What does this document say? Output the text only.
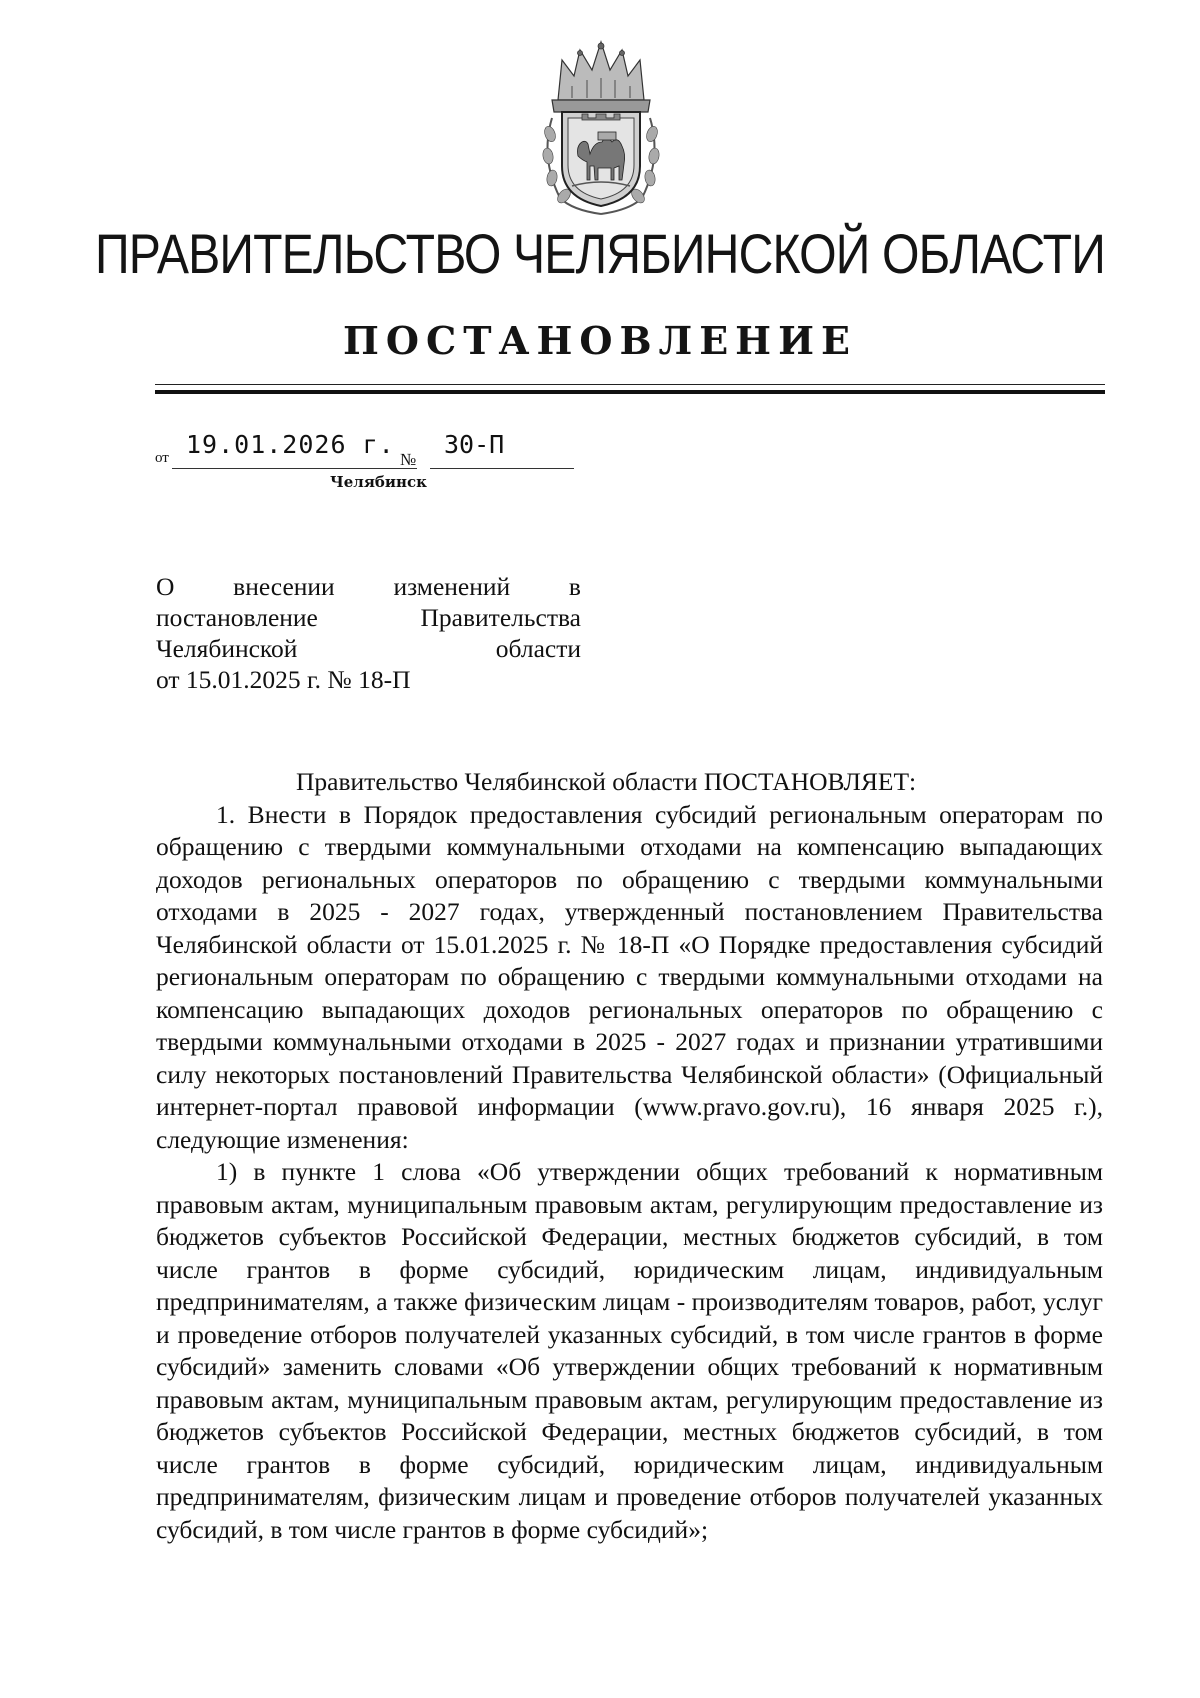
ПРАВИТЕЛЬСТВО ЧЕЛЯБИНСКОЙ ОБЛАСТИ
ПОСТАНОВЛЕНИЕ
от 19.01.2026 г.
№
30-П
Челябинск
О внесении изменений в
постановление	Правительства
Челябинской	области
от 15.01.2025 г. № 18-П

Правительство Челябинской области ПОСТАНОВЛЯЕТ:

1. Внести в Порядок предоставления субсидий региональным операторам по обращению с твердыми коммунальными отходами на компенсацию выпадающих доходов региональных операторов по обращению с твердыми коммунальными отходами в 2025 - 2027 годах, утвержденный постановлением Правительства Челябинской области от 15.01.2025 г. № 18-П «О Порядке предоставления субсидий региональным операторам по обращению с твердыми коммунальными отходами на компенсацию выпадающих доходов региональных операторов по обращению с твердыми коммунальными отходами в 2025 - 2027 годах и признании утратившими силу некоторых постановлений Правительства Челябинской области» (Официальный интернет-портал правовой информации (www.pravo.gov.ru), 16 января 2025 г.), следующие изменения:

1) в пункте 1 слова «Об утверждении общих требований к нормативным правовым актам, муниципальным правовым актам, регулирующим предоставление из бюджетов субъектов Российской Федерации, местных бюджетов субсидий, в том числе грантов в форме субсидий, юридическим лицам, индивидуальным предпринимателям, а также физическим лицам - производителям товаров, работ, услуг и проведение отборов получателей указанных субсидий, в том числе грантов в форме субсидий» заменить словами «Об утверждении общих требований к нормативным правовым актам, муниципальным правовым актам, регулирующим предоставление из бюджетов субъектов Российской Федерации, местных бюджетов субсидий, в том числе грантов в форме субсидий, юридическим лицам, индивидуальным предпринимателям, физическим лицам и проведение отборов получателей указанных субсидий, в том числе грантов в форме субсидий»;
